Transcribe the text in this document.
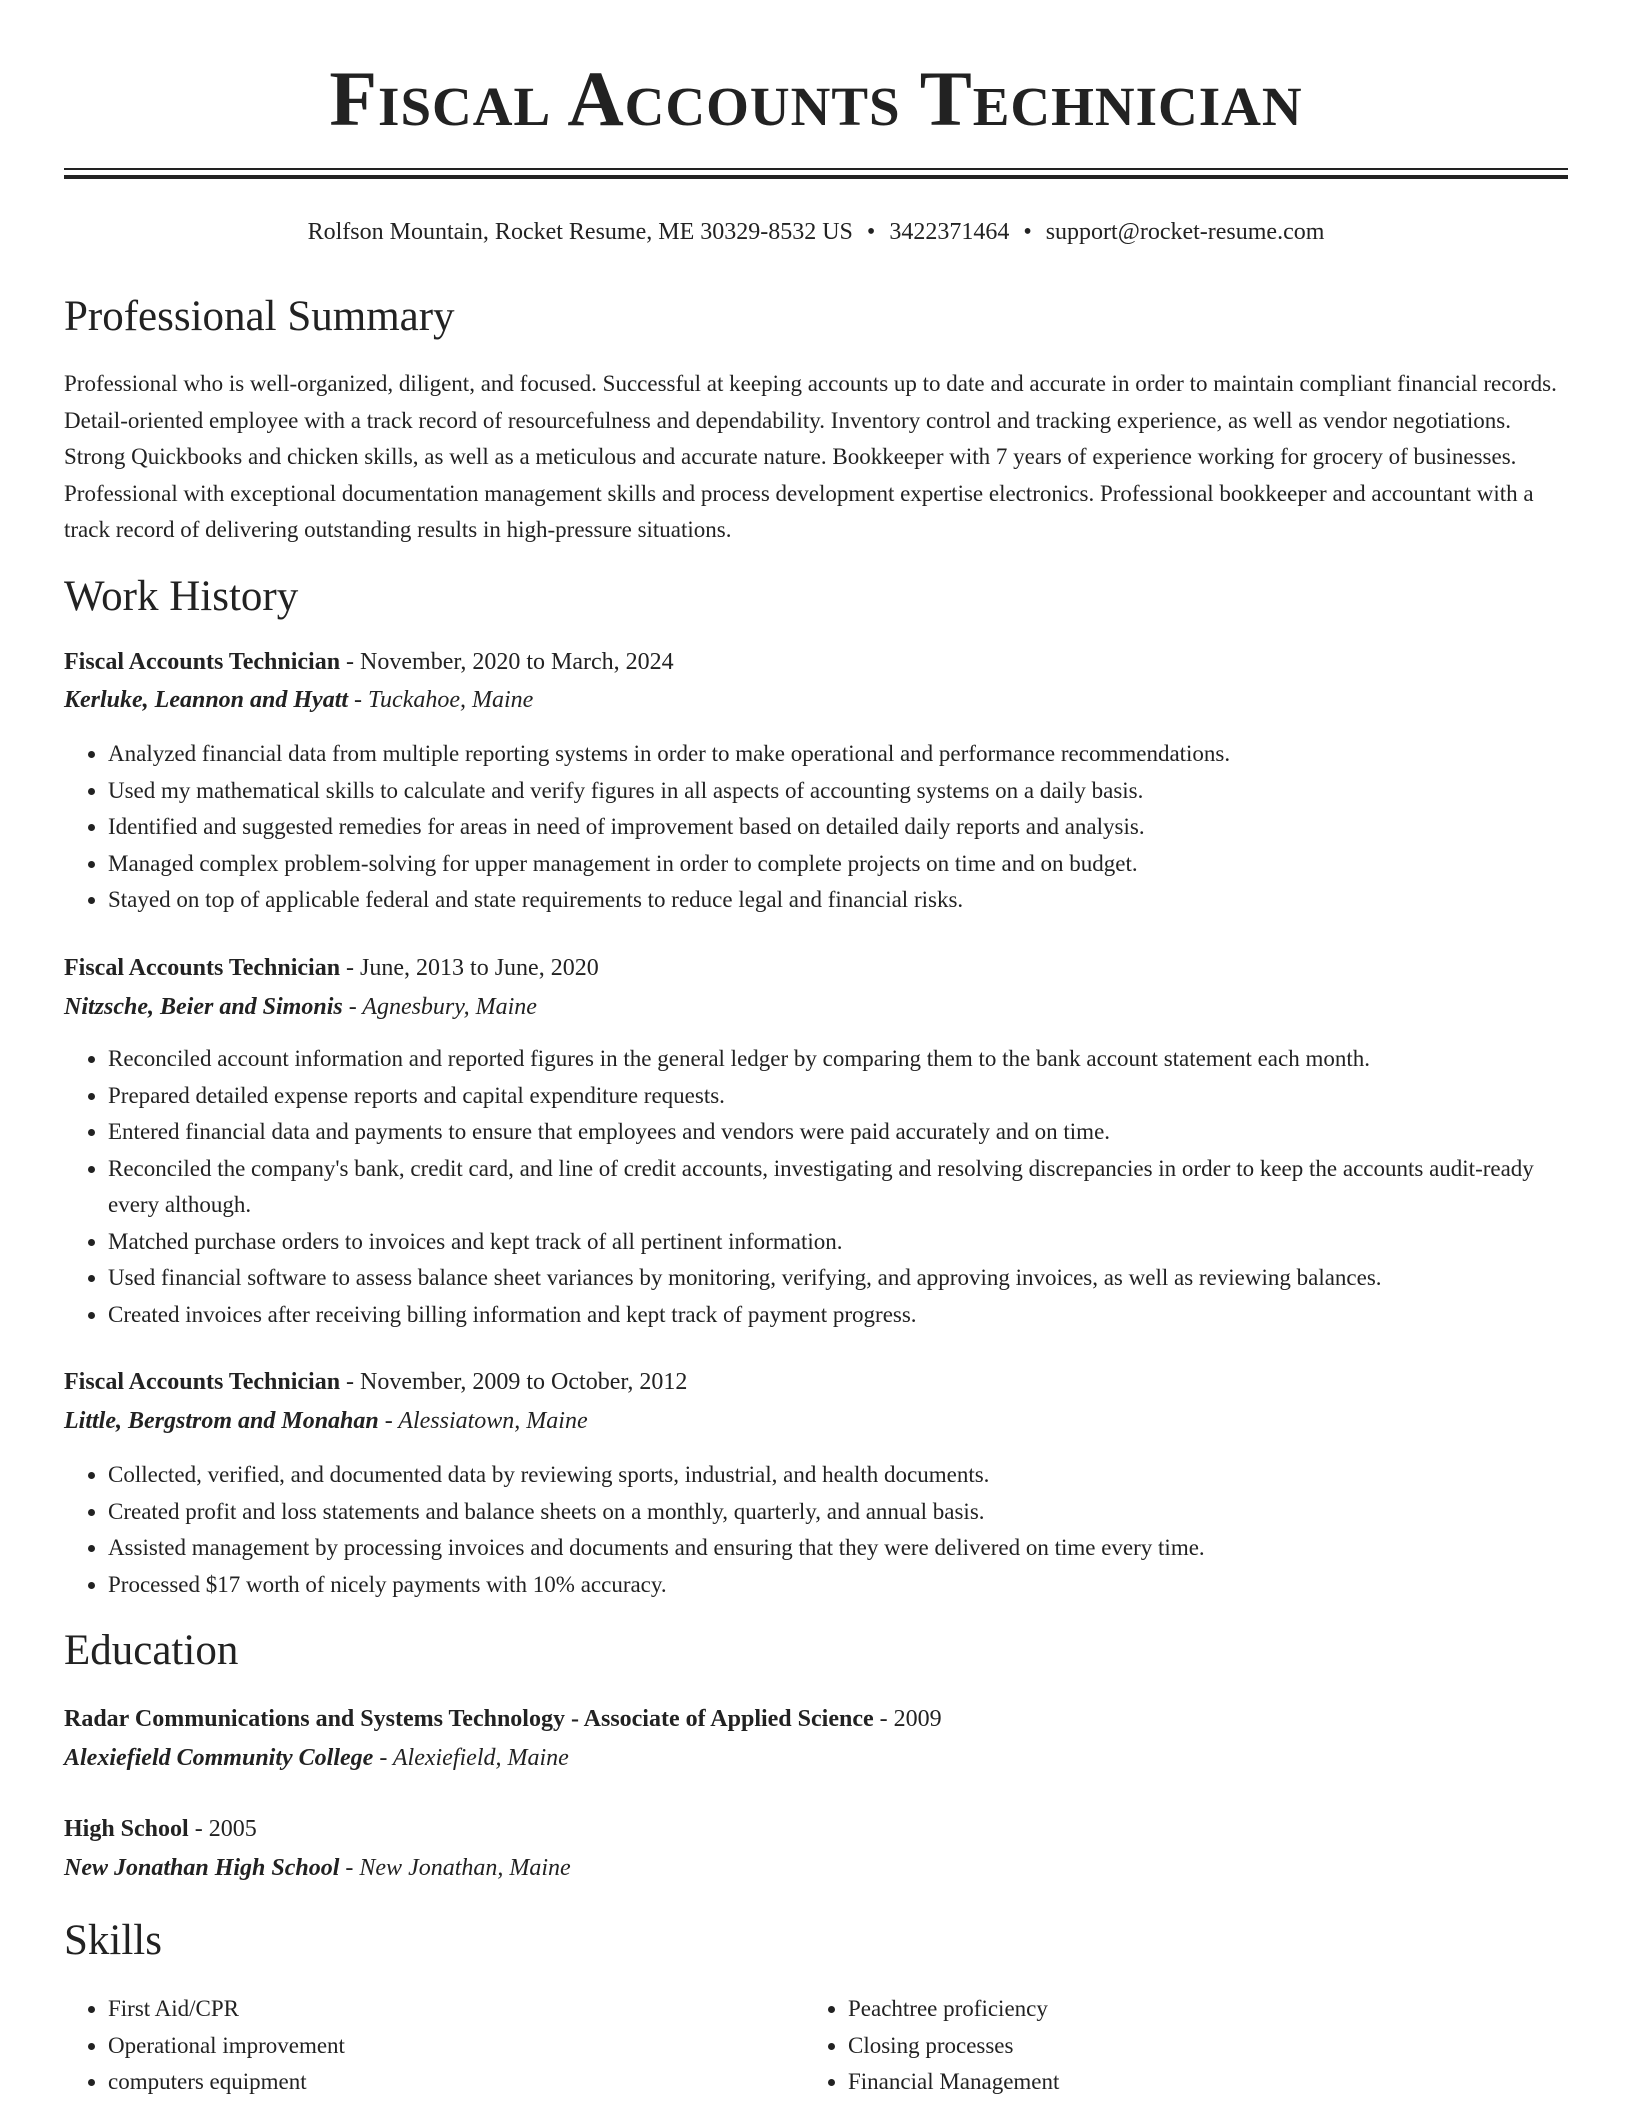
Fiscal Accounts Technician
Rolfson Mountain, Rocket Resume, ME 30329-8532 US • 3422371464 • support@rocket-resume.com
Professional Summary

Professional who is well-organized, diligent, and focused. Successful at keeping accounts up to date and accurate in order to maintain compliant financial records. Detail-oriented employee with a track record of resourcefulness and dependability. Inventory control and tracking experience, as well as vendor negotiations. Strong Quickbooks and chicken skills, as well as a meticulous and accurate nature. Bookkeeper with 7 years of experience working for grocery of businesses. Professional with exceptional documentation management skills and process development expertise electronics. Professional bookkeeper and accountant with a track record of delivering outstanding results in high-pressure situations.

Work History
Fiscal Accounts Technician - November, 2020 to March, 2024
Kerluke, Leannon and Hyatt - Tuckahoe, Maine
• Analyzed financial data from multiple reporting systems in order to make operational and performance recommendations.
• Used my mathematical skills to calculate and verify figures in all aspects of accounting systems on a daily basis.
• Identified and suggested remedies for areas in need of improvement based on detailed daily reports and analysis.
• Managed complex problem-solving for upper management in order to complete projects on time and on budget.
• Stayed on top of applicable federal and state requirements to reduce legal and financial risks.
Fiscal Accounts Technician - June, 2013 to June, 2020
Nitzsche, Beier and Simonis - Agnesbury, Maine
• Reconciled account information and reported figures in the general ledger by comparing them to the bank account statement each month.
• Prepared detailed expense reports and capital expenditure requests.
• Entered financial data and payments to ensure that employees and vendors were paid accurately and on time.
• Reconciled the company's bank, credit card, and line of credit accounts, investigating and resolving discrepancies in order to keep the accounts audit-ready every although.
• Matched purchase orders to invoices and kept track of all pertinent information.
• Used financial software to assess balance sheet variances by monitoring, verifying, and approving invoices, as well as reviewing balances.
• Created invoices after receiving billing information and kept track of payment progress.
Fiscal Accounts Technician - November, 2009 to October, 2012
Little, Bergstrom and Monahan - Alessiatown, Maine
• Collected, verified, and documented data by reviewing sports, industrial, and health documents.
• Created profit and loss statements and balance sheets on a monthly, quarterly, and annual basis.
• Assisted management by processing invoices and documents and ensuring that they were delivered on time every time.
• Processed $17 worth of nicely payments with 10% accuracy.
Education
Radar Communications and Systems Technology - Associate of Applied Science - 2009
Alexiefield Community College - Alexiefield, Maine
High School - 2005
New Jonathan High School - New Jonathan, Maine
Skills
• First Aid/CPR
• Operational improvement
• computers equipment
• Peachtree proficiency
• Closing processes
• Financial Management
